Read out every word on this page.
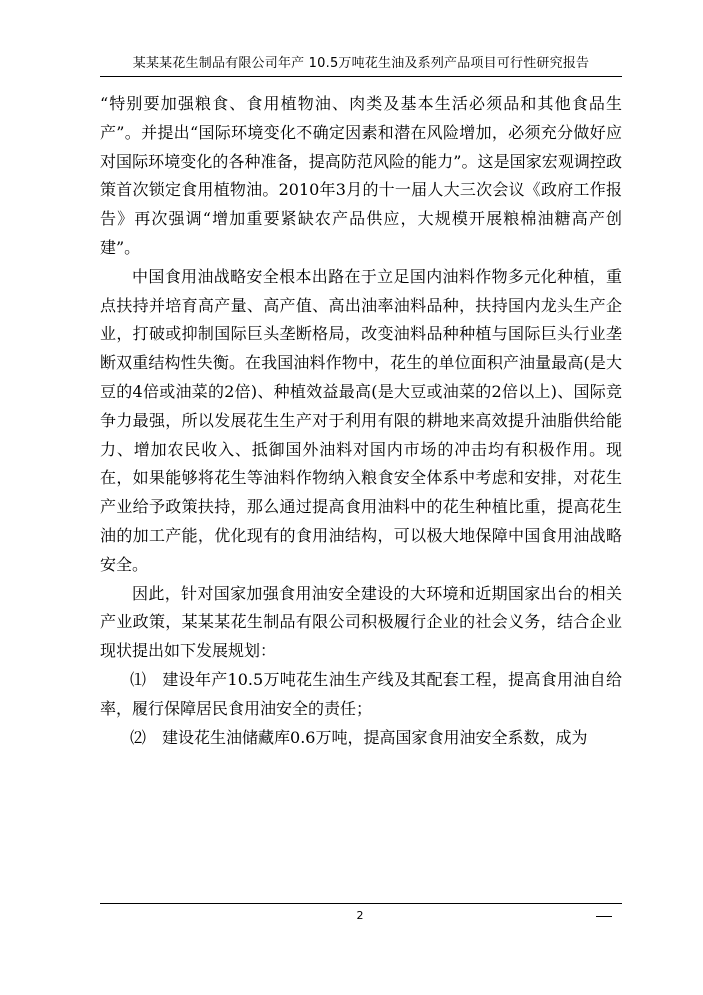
某某某花生制品有限公司年产 10.5万吨花生油及系列产品项目可行性研究报告

“特别要加强粮食、食用植物油、肉类及基本生活必须品和其他食品生产”。并提出“国际环境变化不确定因素和潜在风险增加，必须充分做好应对国际环境变化的各种准备，提高防范风险的能力”。这是国家宏观调控政策首次锁定食用植物油。2010年3月的十一届人大三次会议《政府工作报告》再次强调“增加重要紧缺农产品供应，大规模开展粮棉油糖高产创建”。

中国食用油战略安全根本出路在于立足国内油料作物多元化种植，重点扶持并培育高产量、高产值、高出油率油料品种，扶持国内龙头生产企业，打破或抑制国际巨头垄断格局，改变油料品种种植与国际巨头行业垄断双重结构性失衡。在我国油料作物中，花生的单位面积产油量最高(是大豆的4倍或油菜的2倍)、种植效益最高(是大豆或油菜的2倍以上)、国际竞争力最强，所以发展花生生产对于利用有限的耕地来高效提升油脂供给能力、增加农民收入、抵御国外油料对国内市场的冲击均有积极作用。现在，如果能够将花生等油料作物纳入粮食安全体系中考虑和安排，对花生产业给予政策扶持，那么通过提高食用油料中的花生种植比重，提高花生油的加工产能，优化现有的食用油结构，可以极大地保障中国食用油战略安全。

因此，针对国家加强食用油安全建设的大环境和近期国家出台的相关产业政策，某某某花生制品有限公司积极履行企业的社会义务，结合企业现状提出如下发展规划：

⑴ 建设年产10.5万吨花生油生产线及其配套工程，提高食用油自给率，履行保障居民食用油安全的责任；

⑵ 建设花生油储藏库0.6万吨，提高国家食用油安全系数，成为

2
